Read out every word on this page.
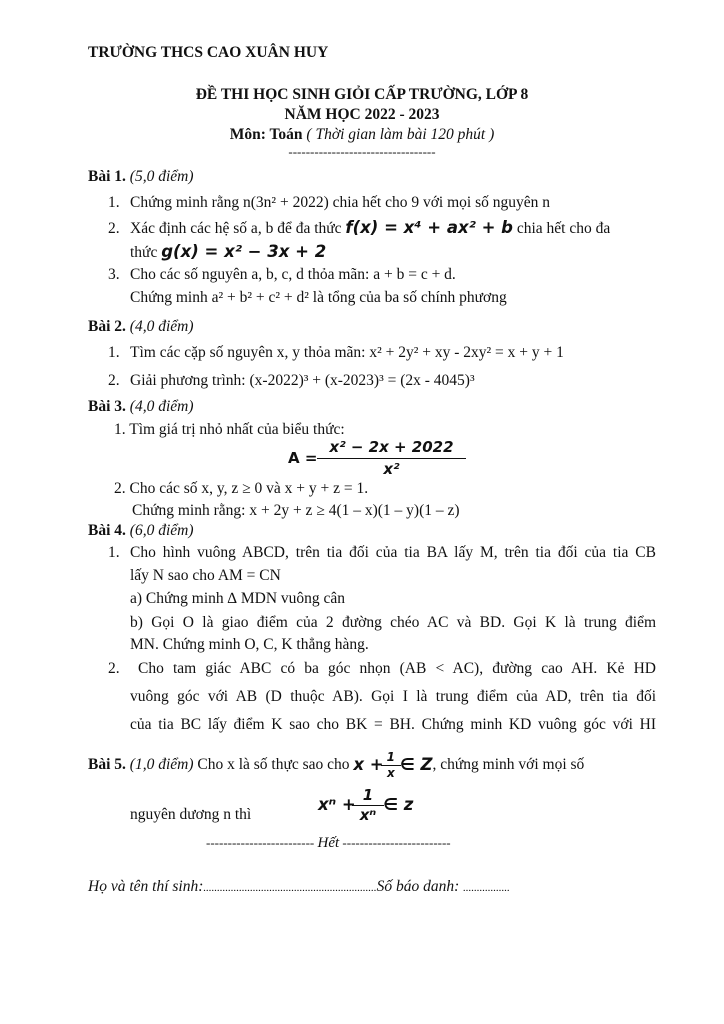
TRƯỜNG THCS CAO XUÂN HUY
ĐỀ THI HỌC SINH GIỎI CẤP TRƯỜNG, LỚP 8
NĂM HỌC 2022 - 2023
Môn: Toán ( Thời gian làm bài 120 phút )
----------------------------------
Bài 1. (5,0 điểm)
1. Chứng minh rằng n(3n² + 2022) chia hết cho 9 với mọi số nguyên n
2. Xác định các hệ số a, b để đa thức f(x) = x⁴ + ax² + b chia hết cho đa
thức g(x) = x² − 3x + 2
3. Cho các số nguyên a, b, c, d thỏa mãn: a + b = c + d.
Chứng minh a² + b² + c² + d² là tổng của ba số chính phương
Bài 2. (4,0 điểm)
1. Tìm các cặp số nguyên x, y thỏa mãn: x² + 2y² + xy - 2xy² = x + y + 1
2. Giải phương trình: (x-2022)³ + (x-2023)³ = (2x - 4045)³
Bài 3. (4,0 điểm)
1. Tìm giá trị nhỏ nhất của biểu thức:
$A = \frac{\text{x² − 2x + 2022}}{\text{x²}}$
2. Cho các số x, y, z ≥ 0 và x + y + z = 1.
Chứng minh rằng: x + 2y + z ≥ 4(1 – x)(1 – y)(1 – z)
Bài 4. (6,0 điểm)
1. Cho hình vuông ABCD, trên tia đối của tia BA lấy M, trên tia đối của tia CB
lấy N sao cho AM = CN
a) Chứng minh ∆ MDN vuông cân
b) Gọi O là giao điểm của 2 đường chéo AC và BD. Gọi K là trung điểm
MN. Chứng minh O, C, K thẳng hàng.
2. Cho tam giác ABC có ba góc nhọn (AB < AC), đường cao AH. Kẻ HD
vuông góc với AB (D thuộc AB). Gọi I là trung điểm của AD, trên tia đối
của tia BC lấy điểm K sao cho BK = BH. Chứng minh KD vuông góc với HI
Bài 5.
(1,0 điểm)
Cho x là số thực sao cho
$x + \frac{1}{x}$ ∈ Z , chứng minh với mọi số
nguyên dương n thì
$x^n + \frac{1}{\text{xⁿ}}$ ∈ z
------------------------- Hết -------------------------
Họ và tên thí sinh:...............................................................Số báo danh: .................
